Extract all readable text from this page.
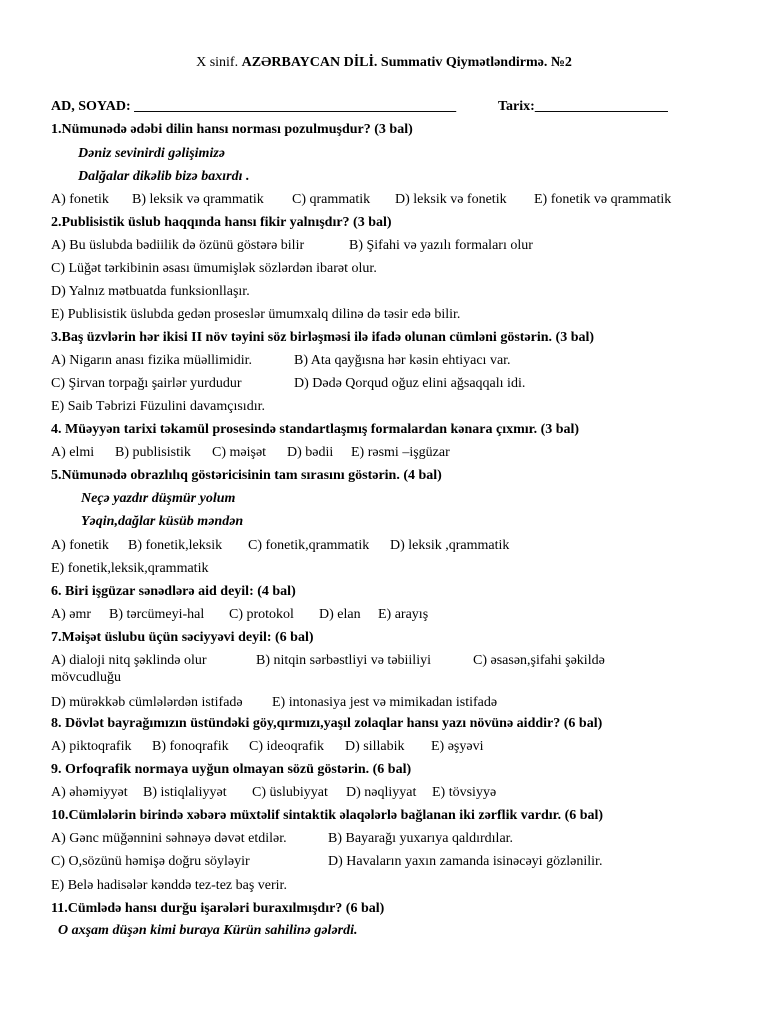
X sinif. AZƏRBAYCAN DİLİ. Summativ Qiymətləndirmə. №2
AD, SOYAD: ______________________________________________	Tarix:___________________
1.Nümunədə ədəbi dilin hansı norması pozulmuşdur? (3 bal)
Dəniz sevinirdi gəlişimizə
Dalğalar dikəlib bizə baxırdı .
A) fonetik B) leksik və qrammatik C) qrammatik D) leksik və fonetik E) fonetik və qrammatik
2.Publisistik üslub haqqında hansı fikir yalnışdır? (3 bal)
A) Bu üslubda bədiilik də özünü göstərə bilir	B) Şifahi və yazılı formaları olur
C) Lüğət tərkibinin əsası ümumişlək sözlərdən ibarət olur.
D) Yalnız mətbuatda funksionllaşır.
E) Publisistik üslubda gedən proseslər ümumxalq dilinə də təsir edə bilir.
3.Baş üzvlərin hər ikisi II növ təyini söz birləşməsi ilə ifadə olunan cümləni göstərin. (3 bal)
A) Nigarın anası fizika müəllimidir.	B) Ata qayğısna hər kəsin ehtiyacı var.
C) Şirvan torpağı şairlər yurdudur	D) Dədə Qorqud oğuz elini ağsaqqalı idi.
E) Saib Təbrizi Füzulini davamçısıdır.
4. Müəyyən tarixi təkamül prosesində standartlaşmış formalardan kənara çıxmır. (3 bal)
A) elmi B) publisistik C) məişət D) bədii E) rəsmi –işgüzar
5.Nümunədə obrazlılıq göstəricisinin tam sırasını göstərin. (4 bal)
Neçə yazdır düşmür yolum
Yəqin,dağlar küsüb məndən
A) fonetik B) fonetik,leksik C) fonetik,qrammatik D) leksik ,qrammatik
E) fonetik,leksik,qrammatik
6. Biri işgüzar sənədlərə aid deyil: (4 bal)
A) əmr B) tərcümeyi-hal C) protokol D) elan E) arayış
7.Məişət üslubu üçün səciyyəvi deyil: (6 bal)
A) dialoji nitq şəklində olur	B) nitqin sərbəstliyi və təbiiliyi	C) əsasən,şifahi şəkildə
mövcudluğu
D) mürəkkəb cümlələrdən istifadə E) intonasiya jest və mimikadan istifadə
8. Dövlət bayrağımızın üstündəki göy,qırmızı,yaşıl zolaqlar hansı yazı növünə aiddir? (6 bal)
A) piktoqrafik B) fonoqrafik C) ideoqrafik D) sillabik E) əşyəvi
9. Orfoqrafik normaya uyğun olmayan sözü göstərin. (6 bal)
A) əhəmiyyət B) istiqlaliyyət C) üslubiyyat D) nəqliyyat E) tövsiyyə
10.Cümlələrin birində xəbərə müxtəlif sintaktik əlaqələrlə bağlanan iki zərflik vardır. (6 bal)
A) Gənc müğənnini səhnəyə dəvət etdilər.	B) Bayarağı yuxarıya qaldırdılar.
C) O,sözünü həmişə doğru söyləyir	D) Havaların yaxın zamanda isinəcəyi gözlənilir.
E) Belə hadisələr kənddə tez-tez baş verir.
11.Cümlədə hansı durğu işarələri buraxılmışdır? (6 bal)
O axşam düşən kimi buraya Kürün sahilinə gələrdi.
